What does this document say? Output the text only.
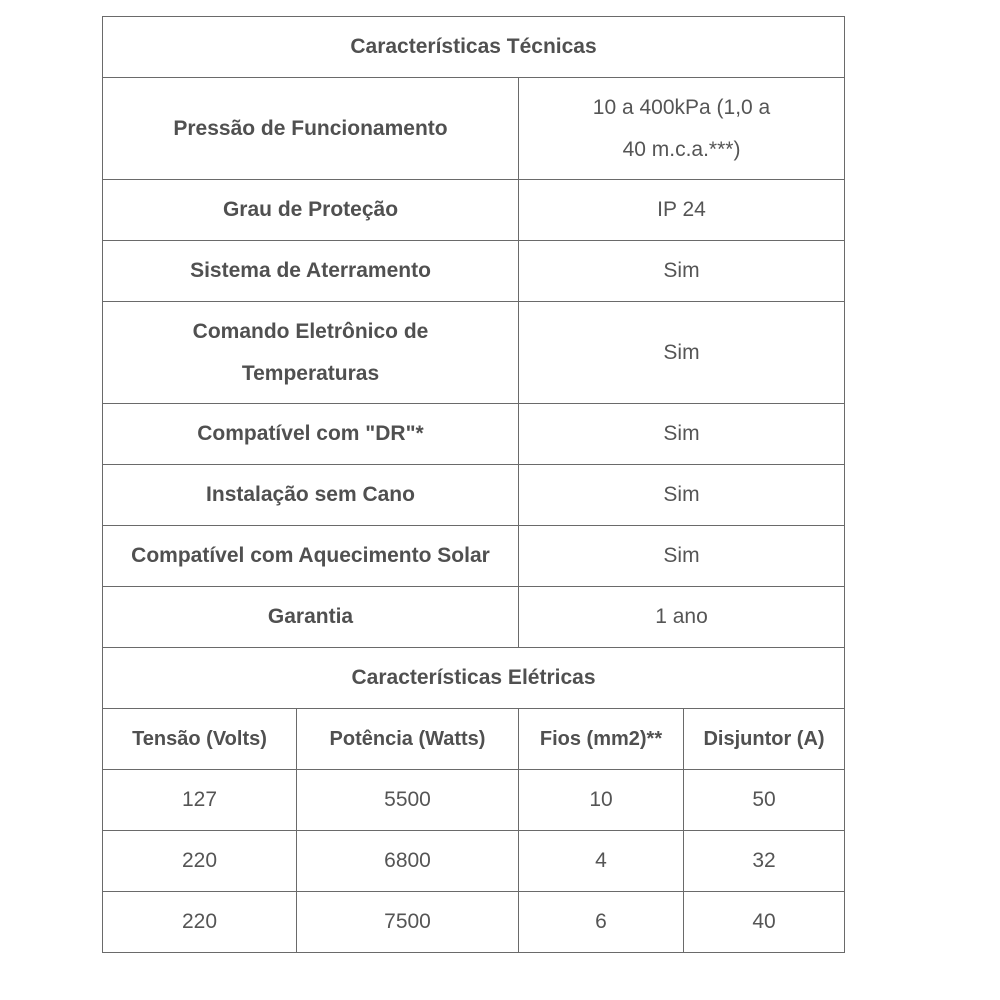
Características Técnicas			
Pressão de Funcionamento		10 a 400kPa (1,0 a 40 m.c.a.***)	
Grau de Proteção		IP 24	
Sistema de Aterramento		Sim	
Comando Eletrônico de Temperaturas		Sim	
Compatível com "DR"*		Sim	
Instalação sem Cano		Sim	
Compatível com Aquecimento Solar		Sim	
Garantia		1 ano	
Características Elétricas			
Tensão (Volts)	Potência (Watts)	Fios (mm2)**	Disjuntor (A)
127	5500	10	50
220	6800	4	32
220	7500	6	40
